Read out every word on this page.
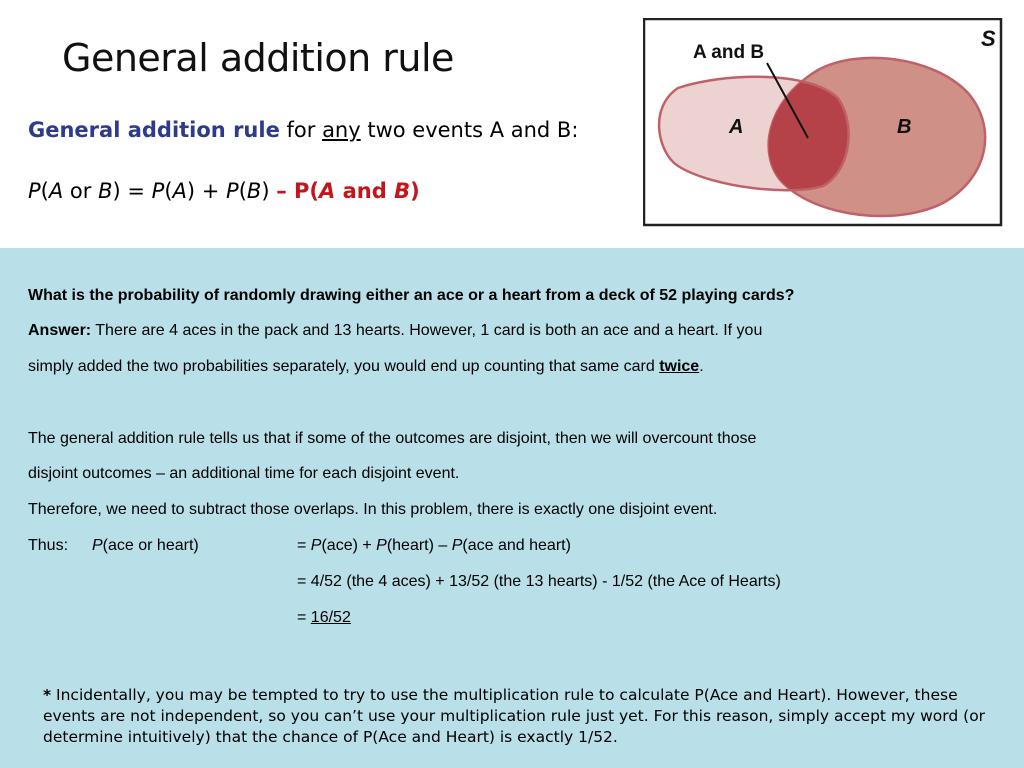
General addition rule
General addition rule for any two events A and B:
P(A or B) = P(A) + P(B) – P(A and B)
S
A and B
A	B
What is the probability of randomly drawing either an ace or a heart from a deck of 52 playing cards?
Answer: There are 4 aces in the pack and 13 hearts. However, 1 card is both an ace and a heart. If you
simply added the two probabilities separately, you would end up counting that same card twice.
The general addition rule tells us that if some of the outcomes are disjoint, then we will overcount those
disjoint outcomes – an additional time for each disjoint event.
Therefore, we need to subtract those overlaps. In this problem, there is exactly one disjoint event.
Thus: P(ace or heart)	= P(ace) + P(heart) – P(ace and heart)
= 4/52 (the 4 aces) + 13/52 (the 13 hearts) - 1/52 (the Ace of Hearts)
= 16/52
* Incidentally, you may be tempted to try to use the multiplication rule to calculate P(Ace and Heart). However, these events are not independent, so you can’t use your multiplication rule just yet. For this reason, simply accept my word (or determine intuitively) that the chance of P(Ace and Heart) is exactly 1/52.
